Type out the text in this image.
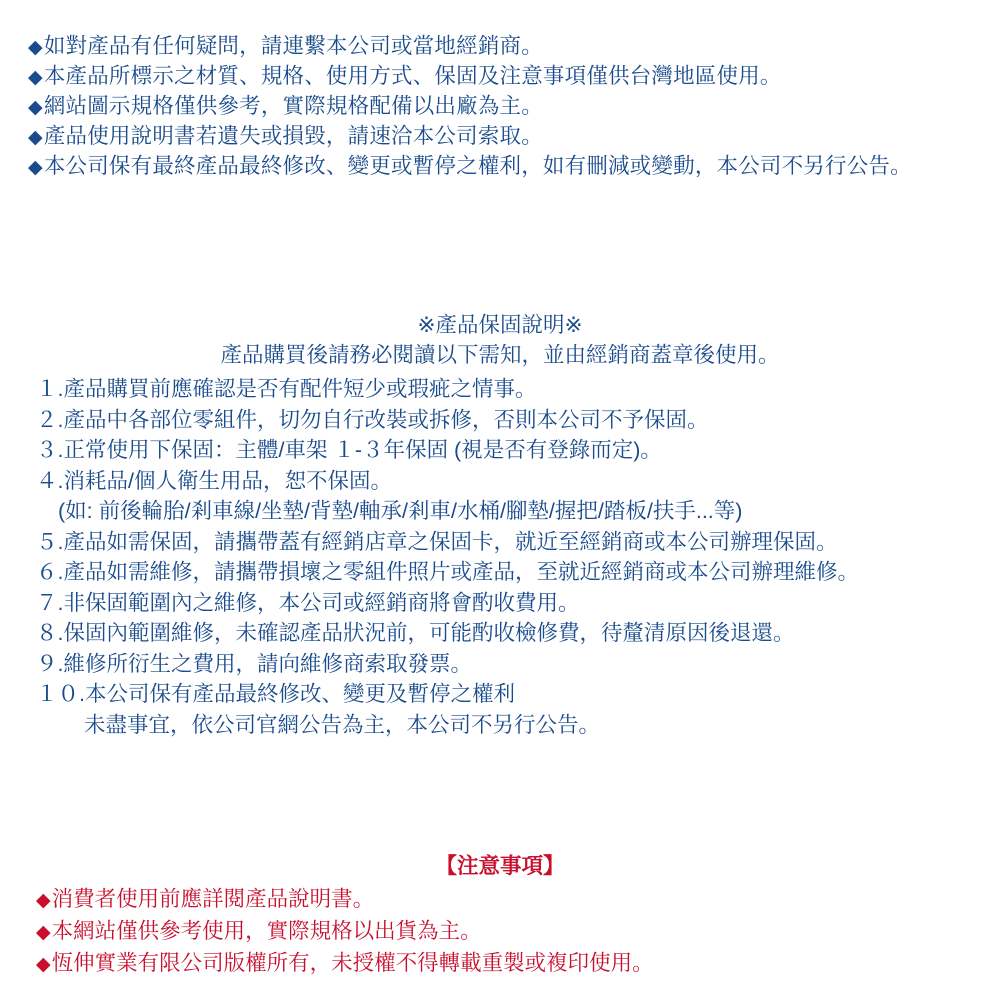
◆如對產品有任何疑問，請連繫本公司或當地經銷商。
◆本產品所標示之材質、規格、使用方式、保固及注意事項僅供台灣地區使用。
◆網站圖示規格僅供參考，實際規格配備以出廠為主。
◆產品使用說明書若遺失或損毀，請速洽本公司索取。
◆本公司保有最終產品最終修改、變更或暫停之權利，如有刪減或變動，本公司不另行公告。
※產品保固說明※
產品購買後請務必閱讀以下需知，並由經銷商蓋章後使用。
１.產品購買前應確認是否有配件短少或瑕疵之情事。
２.產品中各部位零組件，切勿自行改裝或拆修，否則本公司不予保固。
３.正常使用下保固：主體/車架 １-３年保固 (視是否有登錄而定)。
４.消耗品/個人衛生用品，恕不保固。
(如: 前後輪胎/剎車線/坐墊/背墊/軸承/剎車/水桶/腳墊/握把/踏板/扶手...等)
５.產品如需保固，請攜帶蓋有經銷店章之保固卡，就近至經銷商或本公司辦理保固。
６.產品如需維修，請攜帶損壞之零組件照片或產品，至就近經銷商或本公司辦理維修。
７.非保固範圍內之維修，本公司或經銷商將會酌收費用。
８.保固內範圍維修，未確認產品狀況前，可能酌收檢修費，待釐清原因後退還。
９.維修所衍生之費用，請向維修商索取發票。
１０.本公司保有產品最終修改、變更及暫停之權利
未盡事宜，依公司官網公告為主，本公司不另行公告。
【注意事項】
◆消費者使用前應詳閱產品說明書。
◆本網站僅供參考使用，實際規格以出貨為主。
◆恆伸實業有限公司版權所有，未授權不得轉載重製或複印使用。
